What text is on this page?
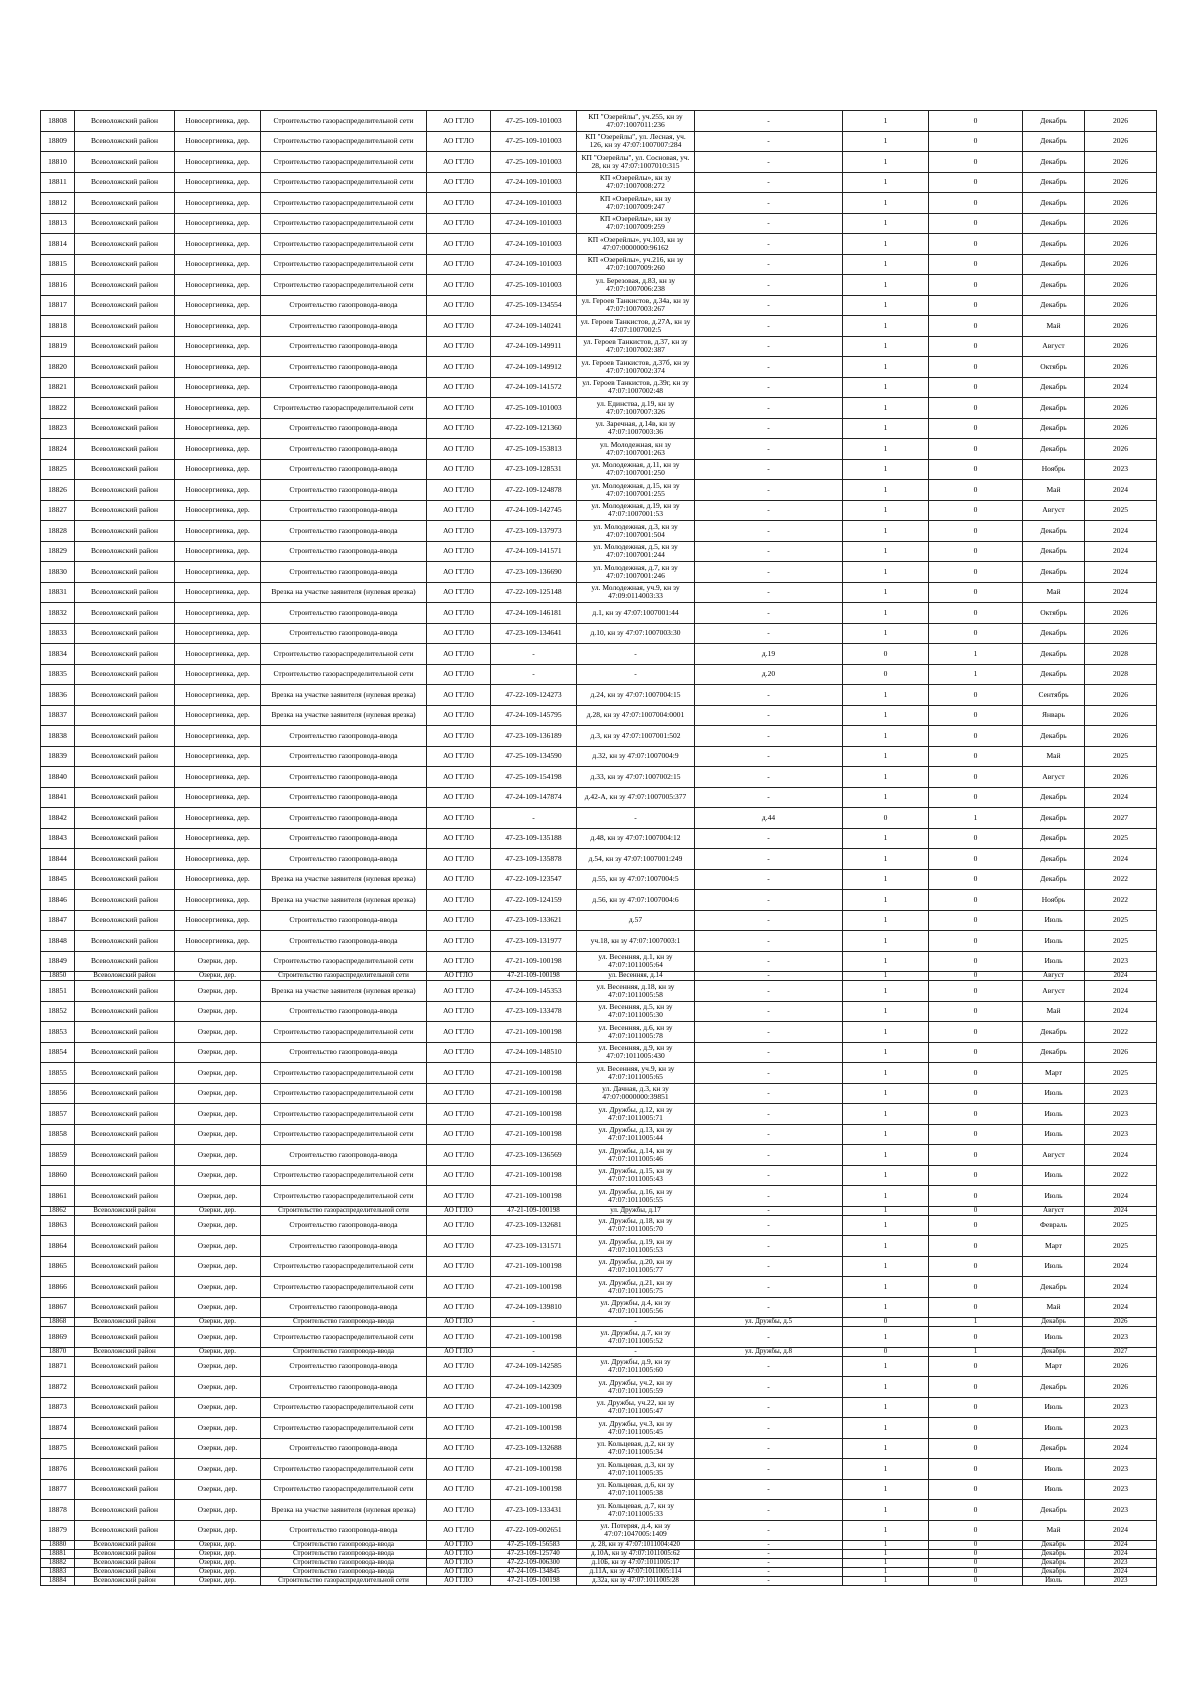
18808	Всеволожский район	Новосергиевка, дер.	Строительство газораспределительной сети	АО ГГЛО	47-25-109-101003	КП "Озерейлы", уч.255, кн зу 47:07:1007011:236	-	1	0	Декабрь	2026
18809	Всеволожский район	Новосергиевка, дер.	Строительство газораспределительной сети	АО ГГЛО	47-25-109-101003	КП "Озерейлы", ул. Лесная, уч. 126, кн зу 47:07:1007007:284	-	1	0	Декабрь	2026
18810	Всеволожский район	Новосергиевка, дер.	Строительство газораспределительной сети	АО ГГЛО	47-25-109-101003	КП "Озерейлы", ул. Сосновая, уч. 28, кн зу 47:07:1007010:315	-	1	0	Декабрь	2026
18811	Всеволожский район	Новосергиевка, дер.	Строительство газораспределительной сети	АО ГГЛО	47-24-109-101003	КП «Озерейлы», кн зу 47:07:1007008:272	-	1	0	Декабрь	2026
18812	Всеволожский район	Новосергиевка, дер.	Строительство газораспределительной сети	АО ГГЛО	47-24-109-101003	КП «Озерейлы», кн зу 47:07:1007009:247	-	1	0	Декабрь	2026
18813	Всеволожский район	Новосергиевка, дер.	Строительство газораспределительной сети	АО ГГЛО	47-24-109-101003	КП «Озерейлы», кн зу 47:07:1007009:259	-	1	0	Декабрь	2026
18814	Всеволожский район	Новосергиевка, дер.	Строительство газораспределительной сети	АО ГГЛО	47-24-109-101003	КП «Озерейлы», уч.103, кн зу 47:07:0000000:96162	-	1	0	Декабрь	2026
18815	Всеволожский район	Новосергиевка, дер.	Строительство газораспределительной сети	АО ГГЛО	47-24-109-101003	КП «Озерейлы», уч.216, кн зу 47:07:1007009:260	-	1	0	Декабрь	2026
18816	Всеволожский район	Новосергиевка, дер.	Строительство газораспределительной сети	АО ГГЛО	47-25-109-101003	ул. Березовая, д.83, кн зу 47:07:1007006:238	-	1	0	Декабрь	2026
18817	Всеволожский район	Новосергиевка, дер.	Строительство газопровода-ввода	АО ГГЛО	47-25-109-134554	ул. Героев Танкистов, д.34а, кн зу 47:07:1007003:267	-	1	0	Декабрь	2026
18818	Всеволожский район	Новосергиевка, дер.	Строительство газопровода-ввода	АО ГГЛО	47-24-109-140241	ул. Героев Танкистов, д.27А, кн зу 47:07:1007002:5	-	1	0	Май	2026
18819	Всеволожский район	Новосергиевка, дер.	Строительство газопровода-ввода	АО ГГЛО	47-24-109-149911	ул. Героев Танкистов, д.37, кн зу 47:07:1007002:387	-	1	0	Август	2026
18820	Всеволожский район	Новосергиевка, дер.	Строительство газопровода-ввода	АО ГГЛО	47-24-109-149912	ул. Героев Танкистов, д.37б, кн зу 47:07:1007002:374	-	1	0	Октябрь	2026
18821	Всеволожский район	Новосергиевка, дер.	Строительство газопровода-ввода	АО ГГЛО	47-24-109-141572	ул. Героев Танкистов, д.39г, кн зу 47:07:1007002:48	-	1	0	Декабрь	2024
18822	Всеволожский район	Новосергиевка, дер.	Строительство газораспределительной сети	АО ГГЛО	47-25-109-101003	ул. Единства, д.19, кн зу 47:07:1007007:326	-	1	0	Декабрь	2026
18823	Всеволожский район	Новосергиевка, дер.	Строительство газопровода-ввода	АО ГГЛО	47-22-109-121360	ул. Заречная, д.14в, кн зу 47:07:1007003:36	-	1	0	Декабрь	2026
18824	Всеволожский район	Новосергиевка, дер.	Строительство газопровода-ввода	АО ГГЛО	47-25-109-153813	ул. Молодежная, кн зу 47:07:1007001:263	-	1	0	Декабрь	2026
18825	Всеволожский район	Новосергиевка, дер.	Строительство газопровода-ввода	АО ГГЛО	47-23-109-128531	ул. Молодежная, д.11, кн зу 47:07:1007001:250	-	1	0	Ноябрь	2023
18826	Всеволожский район	Новосергиевка, дер.	Строительство газопровода-ввода	АО ГГЛО	47-22-109-124878	ул. Молодежная, д.15, кн зу 47:07:1007001:255	-	1	0	Май	2024
18827	Всеволожский район	Новосергиевка, дер.	Строительство газопровода-ввода	АО ГГЛО	47-24-109-142745	ул. Молодежная, д.19, кн зу 47:07:1007001:53	-	1	0	Август	2025
18828	Всеволожский район	Новосергиевка, дер.	Строительство газопровода-ввода	АО ГГЛО	47-23-109-137973	ул. Молодежная, д.3, кн зу 47:07:1007001:504	-	1	0	Декабрь	2024
18829	Всеволожский район	Новосергиевка, дер.	Строительство газопровода-ввода	АО ГГЛО	47-24-109-141571	ул. Молодежная, д.5, кн зу 47:07:1007001:244	-	1	0	Декабрь	2024
18830	Всеволожский район	Новосергиевка, дер.	Строительство газопровода-ввода	АО ГГЛО	47-23-109-136690	ул. Молодежная, д.7, кн зу 47:07:1007001:246	-	1	0	Декабрь	2024
18831	Всеволожский район	Новосергиевка, дер.	Врезка на участке заявителя (нулевая врезка)	АО ГГЛО	47-22-109-125148	ул. Молодежная, уч.9, кн зу 47:09:0114003:33	-	1	0	Май	2024
18832	Всеволожский район	Новосергиевка, дер.	Строительство газопровода-ввода	АО ГГЛО	47-24-109-146181	д.1, кн зу 47:07:1007001:44	-	1	0	Октябрь	2026
18833	Всеволожский район	Новосергиевка, дер.	Строительство газопровода-ввода	АО ГГЛО	47-23-109-134641	д.10, кн зу 47:07:1007003:30	-	1	0	Декабрь	2026
18834	Всеволожский район	Новосергиевка, дер.	Строительство газораспределительной сети	АО ГГЛО	-	-	д.19	0	1	Декабрь	2028
18835	Всеволожский район	Новосергиевка, дер.	Строительство газораспределительной сети	АО ГГЛО	-	-	д.20	0	1	Декабрь	2028
18836	Всеволожский район	Новосергиевка, дер.	Врезка на участке заявителя (нулевая врезка)	АО ГГЛО	47-22-109-124273	д.24, кн зу 47:07:1007004:15	-	1	0	Сентябрь	2026
18837	Всеволожский район	Новосергиевка, дер.	Врезка на участке заявителя (нулевая врезка)	АО ГГЛО	47-24-109-145795	д.28, кн зу 47:07:1007004:0001	-	1	0	Январь	2026
18838	Всеволожский район	Новосергиевка, дер.	Строительство газопровода-ввода	АО ГГЛО	47-23-109-136189	д.3, кн зу 47:07:1007001:502	-	1	0	Декабрь	2026
18839	Всеволожский район	Новосергиевка, дер.	Строительство газопровода-ввода	АО ГГЛО	47-25-109-134590	д.32, кн зу 47:07:1007004:9	-	1	0	Май	2025
18840	Всеволожский район	Новосергиевка, дер.	Строительство газопровода-ввода	АО ГГЛО	47-25-109-154198	д.33, кн зу 47:07:1007002:15	-	1	0	Август	2026
18841	Всеволожский район	Новосергиевка, дер.	Строительство газопровода-ввода	АО ГГЛО	47-24-109-147874	д.42-А, кн зу 47:07:1007005:377	-	1	0	Декабрь	2024
18842	Всеволожский район	Новосергиевка, дер.	Строительство газопровода-ввода	АО ГГЛО	-	-	д.44	0	1	Декабрь	2027
18843	Всеволожский район	Новосергиевка, дер.	Строительство газопровода-ввода	АО ГГЛО	47-23-109-135188	д.48, кн зу 47:07:1007004:12	-	1	0	Декабрь	2025
18844	Всеволожский район	Новосергиевка, дер.	Строительство газопровода-ввода	АО ГГЛО	47-23-109-135878	д.54, кн зу 47:07:1007001:249	-	1	0	Декабрь	2024
18845	Всеволожский район	Новосергиевка, дер.	Врезка на участке заявителя (нулевая врезка)	АО ГГЛО	47-22-109-123547	д.55, кн зу 47:07:1007004:5	-	1	0	Декабрь	2022
18846	Всеволожский район	Новосергиевка, дер.	Врезка на участке заявителя (нулевая врезка)	АО ГГЛО	47-22-109-124159	д.56, кн зу 47:07:1007004:6	-	1	0	Ноябрь	2022
18847	Всеволожский район	Новосергиевка, дер.	Строительство газопровода-ввода	АО ГГЛО	47-23-109-133621	д.57	-	1	0	Июль	2025
18848	Всеволожский район	Новосергиевка, дер.	Строительство газопровода-ввода	АО ГГЛО	47-23-109-131977	уч.18, кн зу 47:07:1007003:1	-	1	0	Июль	2025
18849	Всеволожский район	Озерки, дер.	Строительство газораспределительной сети	АО ГГЛО	47-21-109-100198	ул. Весенняя, д.1, кн зу 47:07:1011005:64	-	1	0	Июль	2023
18850	Всеволожский район	Озерки, дер.	Строительство газораспределительной сети	АО ГГЛО	47-21-109-100198	ул. Весенняя, д.14	-	1	0	Август	2024
18851	Всеволожский район	Озерки, дер.	Врезка на участке заявителя (нулевая врезка)	АО ГГЛО	47-24-109-145353	ул. Весенняя, д.18, кн зу 47:07:1011005:58	-	1	0	Август	2024
18852	Всеволожский район	Озерки, дер.	Строительство газопровода-ввода	АО ГГЛО	47-23-109-133478	ул. Весенняя, д.5, кн зу 47:07:1011005:30	-	1	0	Май	2024
18853	Всеволожский район	Озерки, дер.	Строительство газораспределительной сети	АО ГГЛО	47-21-109-100198	ул. Весенняя, д.6, кн зу 47:07:1011005:78	-	1	0	Декабрь	2022
18854	Всеволожский район	Озерки, дер.	Строительство газопровода-ввода	АО ГГЛО	47-24-109-148510	ул. Весенняя, д.9, кн зу 47:07:1011005:430	-	1	0	Декабрь	2026
18855	Всеволожский район	Озерки, дер.	Строительство газораспределительной сети	АО ГГЛО	47-21-109-100198	ул. Весенняя, уч.9, кн зу 47:07:1011005:65	-	1	0	Март	2025
18856	Всеволожский район	Озерки, дер.	Строительство газораспределительной сети	АО ГГЛО	47-21-109-100198	ул. Дачная, д.3, кн зу 47:07:0000000:39851	-	1	0	Июль	2023
18857	Всеволожский район	Озерки, дер.	Строительство газораспределительной сети	АО ГГЛО	47-21-109-100198	ул. Дружбы, д.12, кн зу 47:07:1011005:71	-	1	0	Июль	2023
18858	Всеволожский район	Озерки, дер.	Строительство газораспределительной сети	АО ГГЛО	47-21-109-100198	ул. Дружбы, д.13, кн зу 47:07:1011005:44	-	1	0	Июль	2023
18859	Всеволожский район	Озерки, дер.	Строительство газопровода-ввода	АО ГГЛО	47-23-109-136569	ул. Дружбы, д.14, кн зу 47:07:1011005:46	-	1	0	Август	2024
18860	Всеволожский район	Озерки, дер.	Строительство газораспределительной сети	АО ГГЛО	47-21-109-100198	ул. Дружбы, д.15, кн зу 47:07:1011005:43	-	1	0	Июль	2022
18861	Всеволожский район	Озерки, дер.	Строительство газораспределительной сети	АО ГГЛО	47-21-109-100198	ул. Дружбы, д.16, кн зу 47:07:1011005:55	-	1	0	Июль	2024
18862	Всеволожский район	Озерки, дер.	Строительство газораспределительной сети	АО ГГЛО	47-21-109-100198	ул. Дружбы, д.17	-	1	0	Август	2024
18863	Всеволожский район	Озерки, дер.	Строительство газопровода-ввода	АО ГГЛО	47-23-109-132681	ул. Дружбы, д.18, кн зу 47:07:1011005:70	-	1	0	Февраль	2025
18864	Всеволожский район	Озерки, дер.	Строительство газопровода-ввода	АО ГГЛО	47-23-109-131571	ул. Дружбы, д.19, кн зу 47:07:1011005:53	-	1	0	Март	2025
18865	Всеволожский район	Озерки, дер.	Строительство газораспределительной сети	АО ГГЛО	47-21-109-100198	ул. Дружбы, д.20, кн зу 47:07:1011005:77	-	1	0	Июль	2024
18866	Всеволожский район	Озерки, дер.	Строительство газораспределительной сети	АО ГГЛО	47-21-109-100198	ул. Дружбы, д.21, кн зу 47:07:1011005:75	-	1	0	Декабрь	2024
18867	Всеволожский район	Озерки, дер.	Строительство газопровода-ввода	АО ГГЛО	47-24-109-139810	ул. Дружбы, д.4, кн зу 47:07:1011005:56	-	1	0	Май	2024
18868	Всеволожский район	Озерки, дер.	Строительство газопровода-ввода	АО ГГЛО	-	-	ул. Дружбы, д.5	0	1	Декабрь	2026
18869	Всеволожский район	Озерки, дер.	Строительство газораспределительной сети	АО ГГЛО	47-21-109-100198	ул. Дружбы, д.7, кн зу 47:07:1011005:52	-	1	0	Июль	2023
18870	Всеволожский район	Озерки, дер.	Строительство газопровода-ввода	АО ГГЛО	-	-	ул. Дружбы, д.8	0	1	Декабрь	2027
18871	Всеволожский район	Озерки, дер.	Строительство газопровода-ввода	АО ГГЛО	47-24-109-142585	ул. Дружбы, д.9, кн зу 47:07:1011005:60	-	1	0	Март	2026
18872	Всеволожский район	Озерки, дер.	Строительство газопровода-ввода	АО ГГЛО	47-24-109-142309	ул. Дружбы, уч.2, кн зу 47:07:1011005:59	-	1	0	Декабрь	2026
18873	Всеволожский район	Озерки, дер.	Строительство газораспределительной сети	АО ГГЛО	47-21-109-100198	ул. Дружбы, уч.22, кн зу 47:07:1011005:47	-	1	0	Июль	2023
18874	Всеволожский район	Озерки, дер.	Строительство газораспределительной сети	АО ГГЛО	47-21-109-100198	ул. Дружбы, уч.3, кн зу 47:07:1011005:45	-	1	0	Июль	2023
18875	Всеволожский район	Озерки, дер.	Строительство газопровода-ввода	АО ГГЛО	47-23-109-132688	ул. Кольцевая, д.2, кн зу 47:07:1011005:34	-	1	0	Декабрь	2024
18876	Всеволожский район	Озерки, дер.	Строительство газораспределительной сети	АО ГГЛО	47-21-109-100198	ул. Кольцевая, д.3, кн зу 47:07:1011005:35	-	1	0	Июль	2023
18877	Всеволожский район	Озерки, дер.	Строительство газораспределительной сети	АО ГГЛО	47-21-109-100198	ул. Кольцевая, д.6, кн зу 47:07:1011005:38	-	1	0	Июль	2023
18878	Всеволожский район	Озерки, дер.	Врезка на участке заявителя (нулевая врезка)	АО ГГЛО	47-23-109-133431	ул. Кольцевая, д.7, кн зу 47:07:1011005:33	-	1	0	Декабрь	2023
18879	Всеволожский район	Озерки, дер.	Строительство газопровода-ввода	АО ГГЛО	47-22-109-002651	ул. Потеряя, д.4, кн зу 47:07:1047005:1409	-	1	0	Май	2024
18880	Всеволожский район	Озерки, дер.	Строительство газопровода-ввода	АО ГГЛО	47-25-109-156583	д. 28, кн зу 47:07:1011004:420	-	1	0	Декабрь	2024
18881	Всеволожский район	Озерки, дер.	Строительство газопровода-ввода	АО ГГЛО	47-23-109-125740	д.10А, кн зу 47:07:1011005:62	-	1	0	Декабрь	2024
18882	Всеволожский район	Озерки, дер.	Строительство газопровода-ввода	АО ГГЛО	47-22-109-006300	д.10Б, кн зу 47:07:1011005:17	-	1	0	Декабрь	2023
18883	Всеволожский район	Озерки, дер.	Строительство газопровода-ввода	АО ГГЛО	47-24-109-134845	д.11А, кн зу 47:07:1011005:114	-	1	0	Декабрь	2024
18884	Всеволожский район	Озерки, дер.	Строительство газораспределительной сети	АО ГГЛО	47-21-109-100198	д.32а, кн зу 47:07:1011005:28	-	1	0	Июль	2023
